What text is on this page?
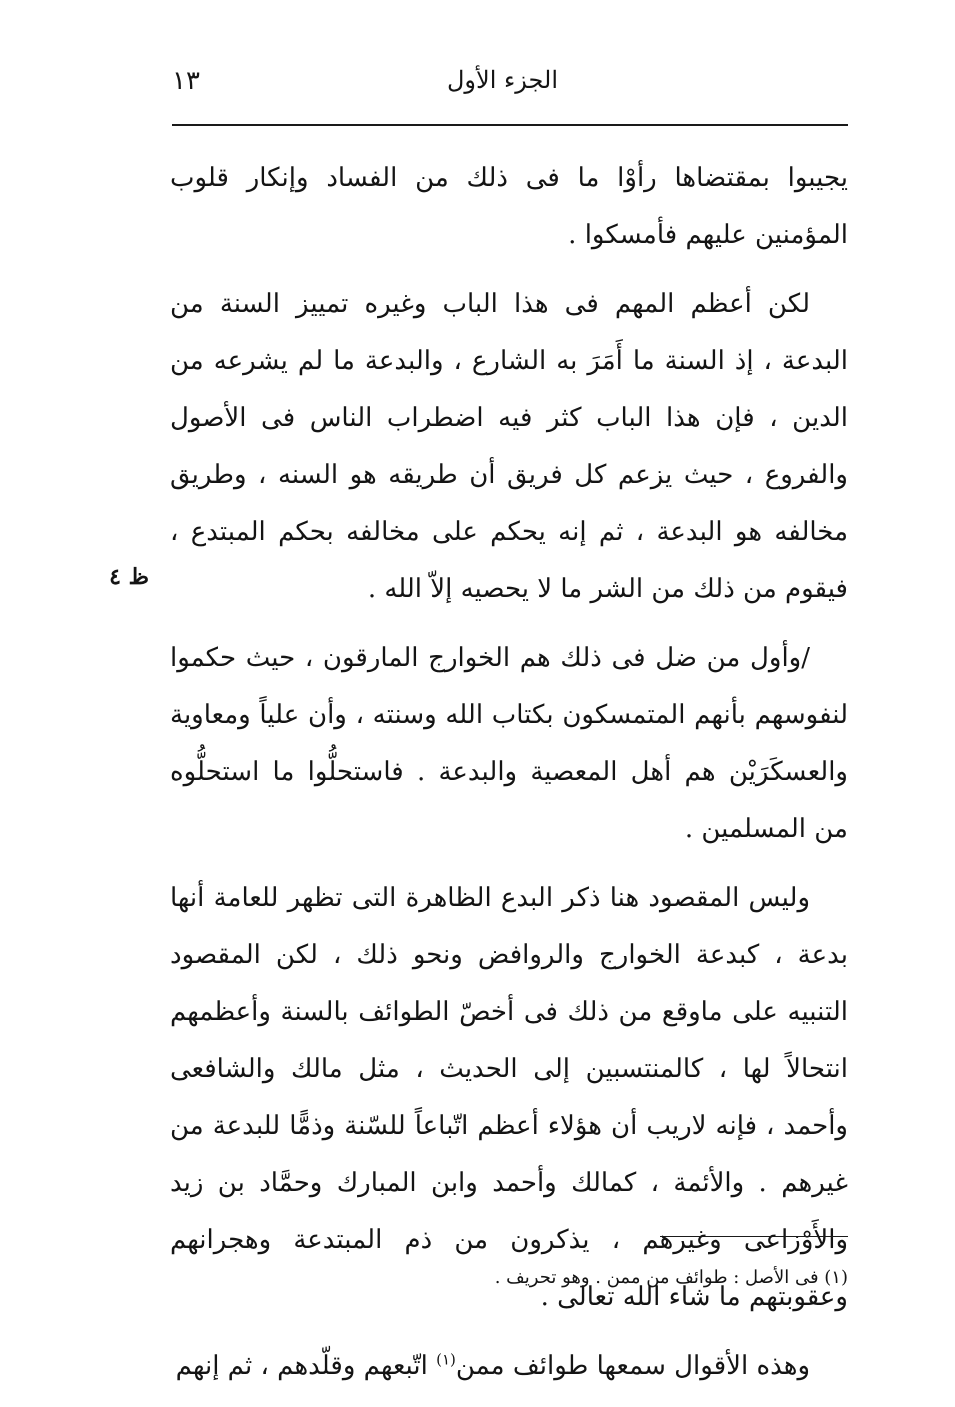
الجزء الأول
١٣
ظ ٤

يجيبوا بمقتضاها رأوْا ما فى ذلك من الفساد وإنكار قلوب المؤمنين عليهم فأمسكوا .

لكن أعظم المهم فى هذا الباب وغيره تمييز السنة من البدعة ، إذ السنة ما أَمَرَ به الشارع ، والبدعة ما لم يشرعه من الدين ، فإن هذا الباب كثر فيه اضطراب الناس فى الأصول والفروع ، حيث يزعم كل فريق أن طريقه هو السنه ، وطريق مخالفه هو البدعة ، ثم إنه يحكم على مخالفه بحكم المبتدع ، فيقوم من ذلك من الشر ما لا يحصيه إلاّ الله .

/وأول من ضل فى ذلك هم الخوارج المارقون ، حيث حكموا لنفوسهم بأنهم المتمسكون بكتاب الله وسنته ، وأن علياً ومعاوية والعسكَرَيْن هم أهل المعصية والبدعة . فاستحلُّوا ما استحلُّوه من المسلمين .

وليس المقصود هنا ذكر البدع الظاهرة التى تظهر للعامة أنها بدعة ، كبدعة الخوارج والروافض ونحو ذلك ، لكن المقصود التنبيه على ماوقع من ذلك فى أخصّ الطوائف بالسنة وأعظمهم انتحالاً لها ، كالمنتسبين إلى الحديث ، مثل مالك والشافعى وأحمد ، فإنه لاريب أن هؤلاء أعظم اتّباعاً للسّنة وذمًّا للبدعة من غيرهم . والأئمة ، كمالك وأحمد وابن المبارك وحمَّاد بن زيد والأَوْزاعى وغيرهم ، يذكرون من ذم المبتدعة وهجرانهم وعقوبتهم ما شاء الله تعالى .

وهذه الأقوال سمعها طوائف ممن$^{(١)}$ اتّبعهم وقلّدهم ، ثم إنهم

(١) فى الأصل : طوائف من ممن . وهو تحريف .
